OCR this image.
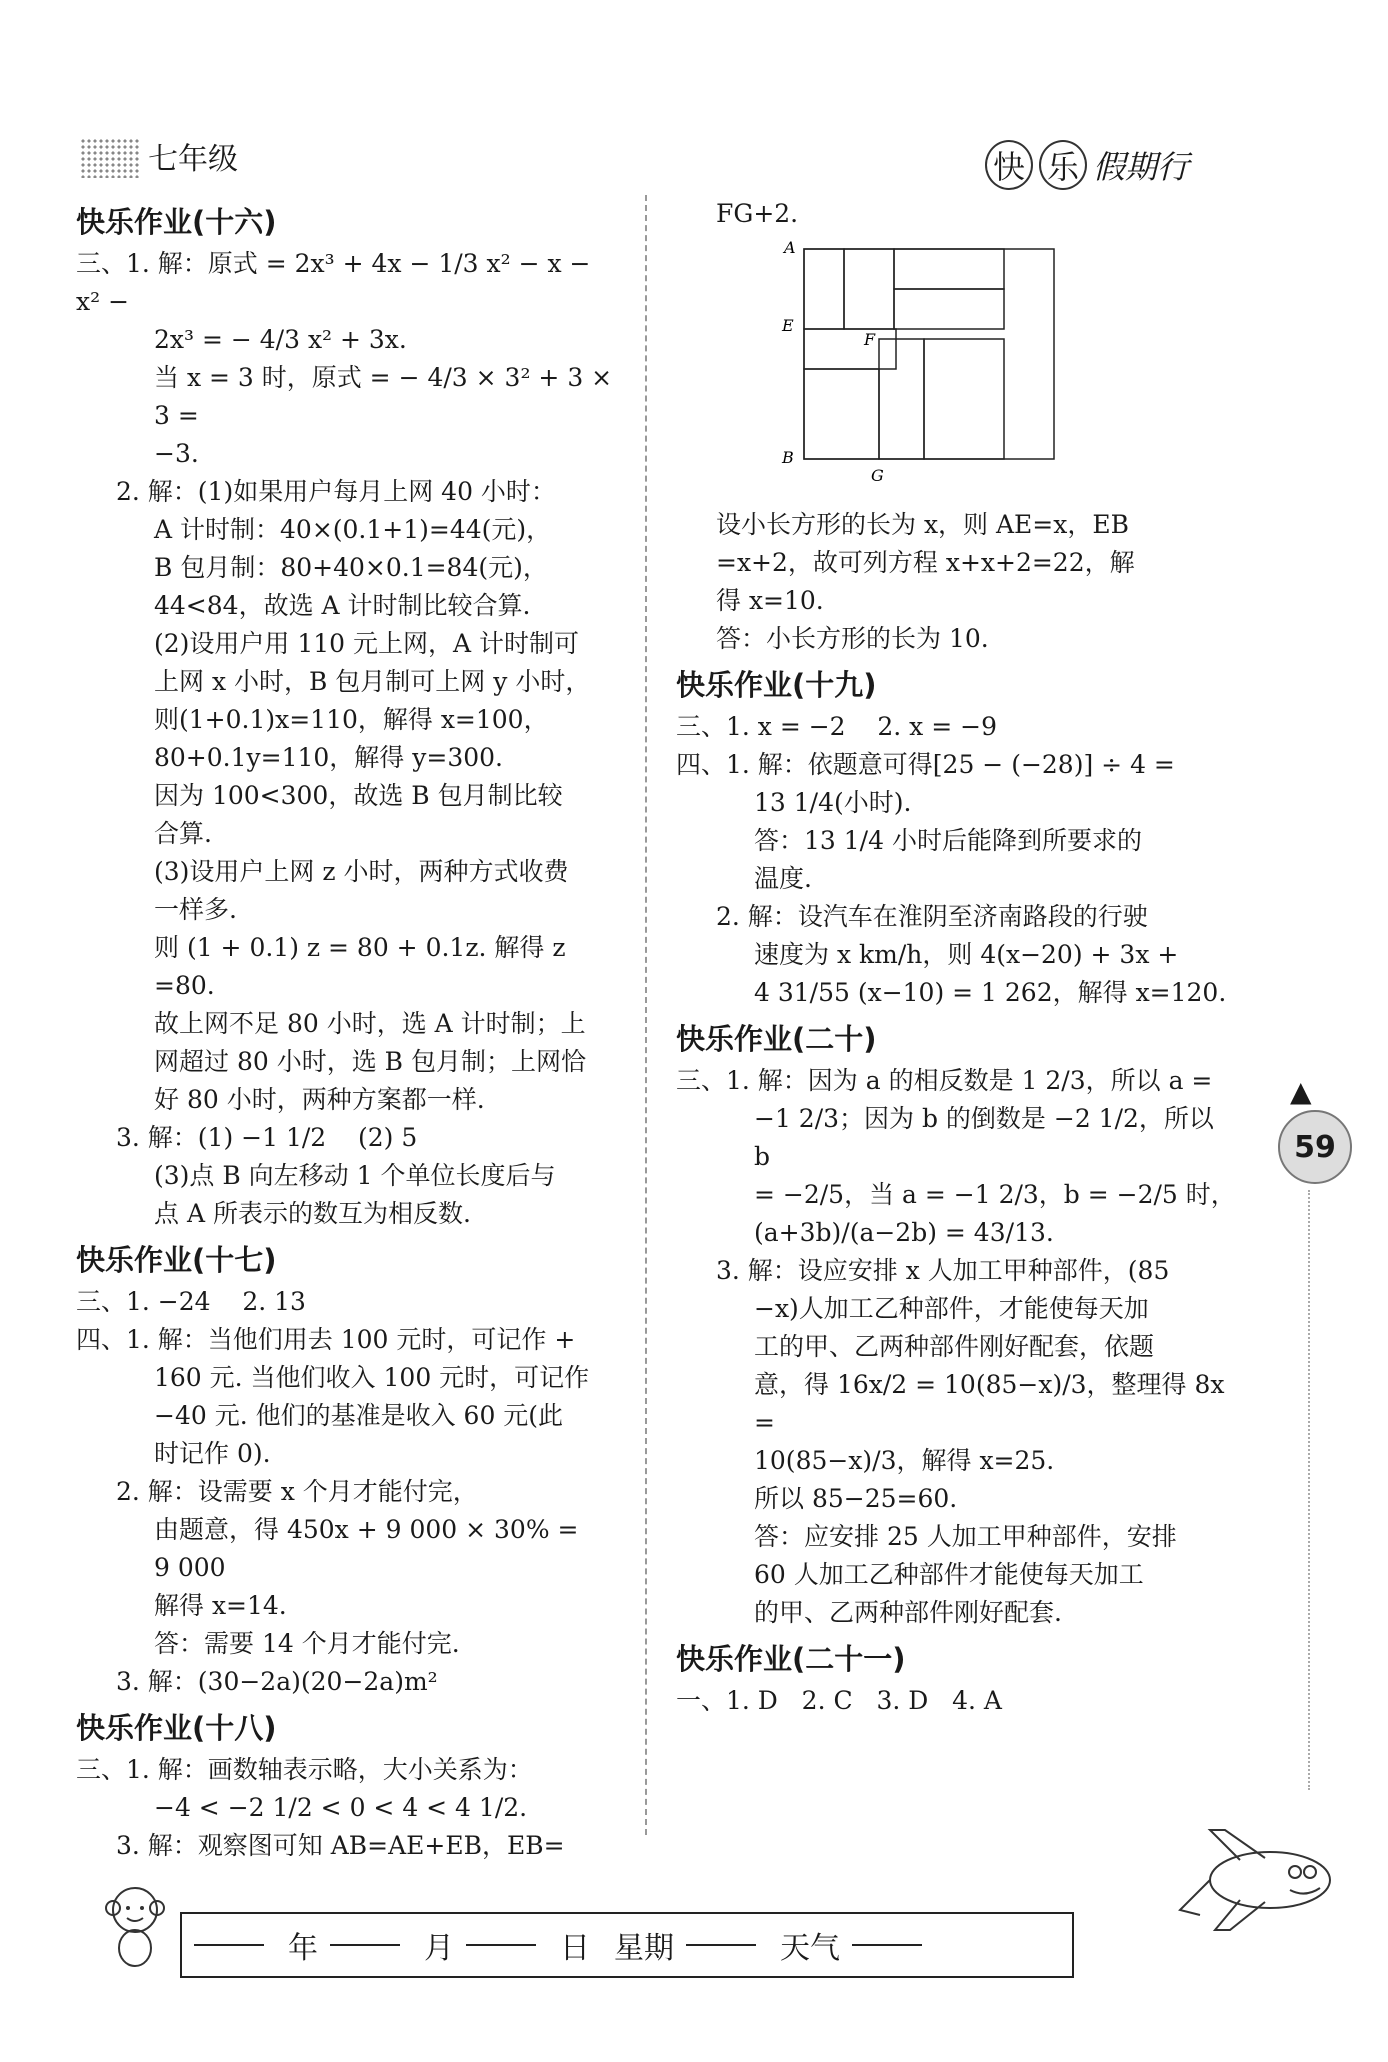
七年级	快 乐 假期行
快乐作业(十六)
三、1. 解：原式 = 2x³ + 4x − 1/3 x² − x − x² −
2x³ = − 4/3 x² + 3x.
当 x = 3 时，原式 = − 4/3 × 3² + 3 × 3 =
−3.
2. 解：(1)如果用户每月上网 40 小时：
A 计时制：40×(0.1+1)=44(元)，
B 包月制：80+40×0.1=84(元)，
44<84，故选 A 计时制比较合算.
(2)设用户用 110 元上网，A 计时制可
上网 x 小时，B 包月制可上网 y 小时，
则(1+0.1)x=110，解得 x=100，
80+0.1y=110，解得 y=300.
因为 100<300，故选 B 包月制比较
合算.
(3)设用户上网 z 小时，两种方式收费
一样多.
则 (1 + 0.1) z = 80 + 0.1z. 解得 z
=80.
故上网不足 80 小时，选 A 计时制；上
网超过 80 小时，选 B 包月制；上网恰
好 80 小时，两种方案都一样.
3. 解：(1) −1 1/2    (2) 5
(3)点 B 向左移动 1 个单位长度后与
点 A 所表示的数互为相反数.
快乐作业(十七)
三、1. −24    2. 13
四、1. 解：当他们用去 100 元时，可记作 +
160 元. 当他们收入 100 元时，可记作
−40 元. 他们的基准是收入 60 元(此
时记作 0).
2. 解：设需要 x 个月才能付完，
由题意，得 450x + 9 000 × 30% =
9 000
解得 x=14.
答：需要 14 个月才能付完.
3. 解：(30−2a)(20−2a)m²
快乐作业(十八)
三、1. 解：画数轴表示略，大小关系为：
−4 < −2 1/2 < 0 < 4 < 4 1/2.
3. 解：观察图可知 AB=AE+EB，EB=
FG+2.
A
E
B
F
G
设小长方形的长为 x，则 AE=x，EB
=x+2，故可列方程 x+x+2=22，解
得 x=10.
答：小长方形的长为 10.
快乐作业(十九)
三、1. x = −2    2. x = −9
四、1. 解：依题意可得[25 − (−28)] ÷ 4 =
13 1/4(小时).
答：13 1/4 小时后能降到所要求的
温度.
2. 解：设汽车在淮阴至济南路段的行驶
速度为 x km/h，则 4(x−20) + 3x +
4 31/55 (x−10) = 1 262，解得 x=120.
快乐作业(二十)
三、1. 解：因为 a 的相反数是 1 2/3，所以 a =
−1 2/3；因为 b 的倒数是 −2 1/2，所以 b
= −2/5，当 a = −1 2/3，b = −2/5 时，
(a+3b)/(a−2b) = 43/13.
3. 解：设应安排 x 人加工甲种部件，(85
−x)人加工乙种部件，才能使每天加
工的甲、乙两种部件刚好配套，依题
意，得 16x/2 = 10(85−x)/3，整理得 8x =
10(85−x)/3，解得 x=25.
所以 85−25=60.
答：应安排 25 人加工甲种部件，安排
60 人加工乙种部件才能使每天加工
的甲、乙两种部件刚好配套.
快乐作业(二十一)
一、1. D   2. C   3. D   4. A
▲
59
年	月	日 星期	天气
